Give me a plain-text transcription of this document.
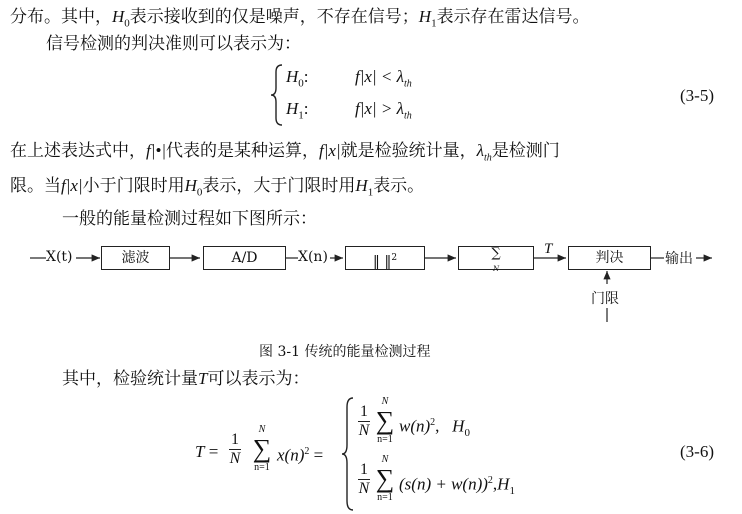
分布。其中，$H_0$表示接收到的仅是噪声，不存在信号；$H_1$表示存在雷达信号。
信号检测的判决准则可以表示为：
$H_0$:	$f|x| < \lambda_{th}$
$H_1$:	$f|x| > \lambda_{th}$
(3-5)
在上述表达式中，f|•|代表的是某种运算，f|x|就是检验统计量，$\lambda_{th}$是检测门
限。当f|x|小于门限时用$H_0$表示，大于门限时用$H_1$表示。
一般的能量检测过程如下图所示：
X(t)	滤波	A/D	X(n)	‖ ‖$^2$	∑
N
T
判决	输出
门限
图 3-1 传统的能量检测过程
其中，检验统计量T可以表示为：
$T = \frac{1}{N}$
N
∑
n=1
$x(n)^2$ =
$\frac{1}{N}$
N
∑
n=1
$w(n)^2$,   $H_0$
$\frac{1}{N}$
N
∑
n=1
$(s(n) + w(n))^2,H_1$
(3-6)
